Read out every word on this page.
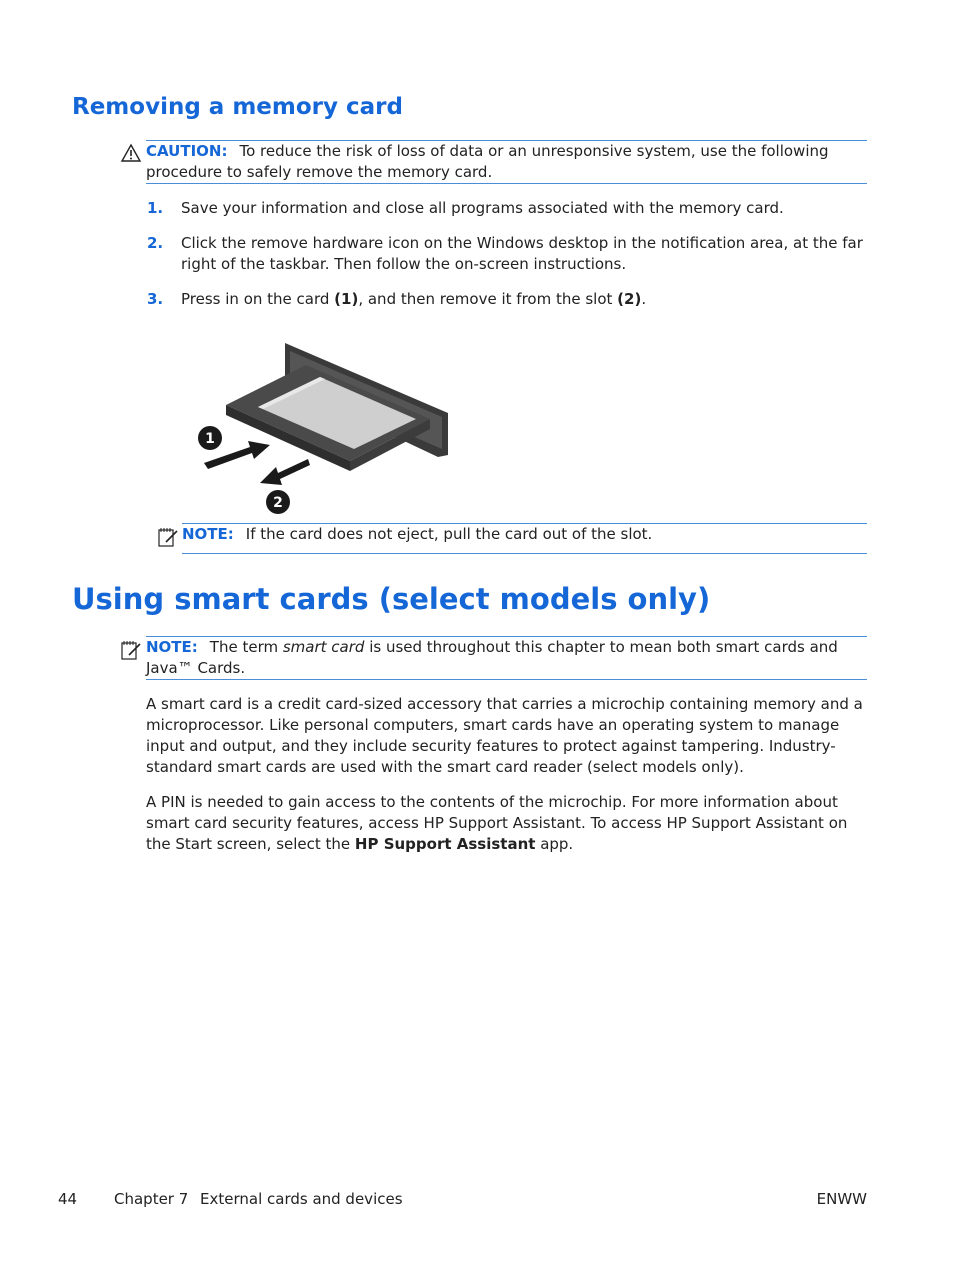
Removing a memory card
CAUTION: To reduce the risk of loss of data or an unresponsive system, use the following procedure to safely remove the memory card.
1. Save your information and close all programs associated with the memory card.
2. Click the remove hardware icon on the Windows desktop in the notification area, at the far right of the taskbar. Then follow the on-screen instructions.
3. Press in on the card (1), and then remove it from the slot (2).
1
2
NOTE: If the card does not eject, pull the card out of the slot.
Using smart cards (select models only)
NOTE: The term smart card is used throughout this chapter to mean both smart cards and Java™ Cards.
A smart card is a credit card-sized accessory that carries a microchip containing memory and a microprocessor. Like personal computers, smart cards have an operating system to manage input and output, and they include security features to protect against tampering. Industry-standard smart cards are used with the smart card reader (select models only).
A PIN is needed to gain access to the contents of the microchip. For more information about smart card security features, access HP Support Assistant. To access HP Support Assistant on the Start screen, select the HP Support Assistant app.
44 Chapter 7 External cards and devices	ENWW
